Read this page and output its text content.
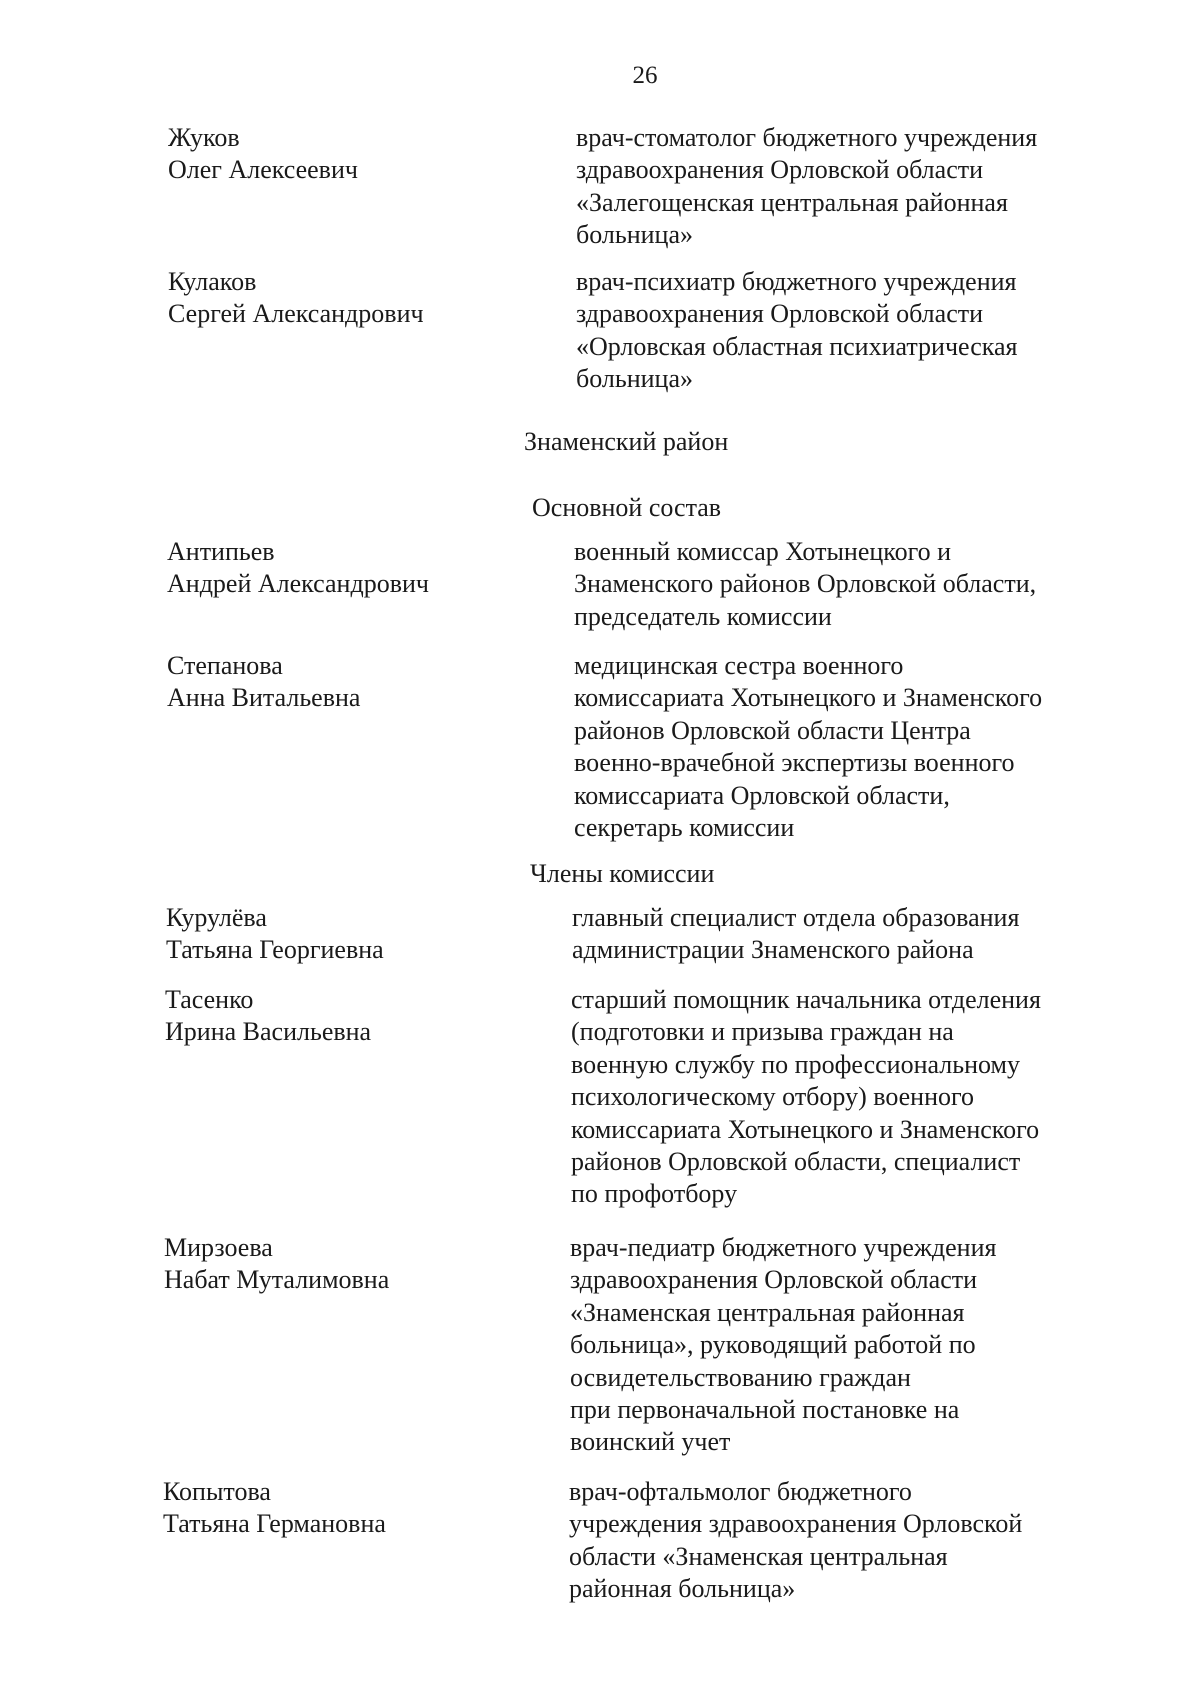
26
Жуков
Олег Алексеевич
врач-стоматолог бюджетного учреждения
здравоохранения Орловской области
«Залегощенская центральная районная
больница»
Кулаков
Сергей Александрович
врач-психиатр бюджетного учреждения
здравоохранения Орловской области
«Орловская областная психиатрическая
больница»
Знаменский район
Основной состав
Антипьев
Андрей Александрович
военный комиссар Хотынецкого и
Знаменского районов Орловской области,
председатель комиссии
Степанова
Анна Витальевна
медицинская сестра военного
комиссариата Хотынецкого и Знаменского
районов Орловской области Центра
военно-врачебной экспертизы военного
комиссариата Орловской области,
секретарь комиссии
Члены комиссии
Курулёва
Татьяна Георгиевна
главный специалист отдела образования
администрации Знаменского района
Тасенко
Ирина Васильевна
старший помощник начальника отделения
(подготовки и призыва граждан на
военную службу по профессиональному
психологическому отбору) военного
комиссариата Хотынецкого и Знаменского
районов Орловской области, специалист
по профотбору
Мирзоева
Набат Муталимовна
врач-педиатр бюджетного учреждения
здравоохранения Орловской области
«Знаменская центральная районная
больница», руководящий работой по
освидетельствованию граждан
при первоначальной постановке на
воинский учет
Копытова
Татьяна Германовна
врач-офтальмолог бюджетного
учреждения здравоохранения Орловской
области «Знаменская центральная
районная больница»
